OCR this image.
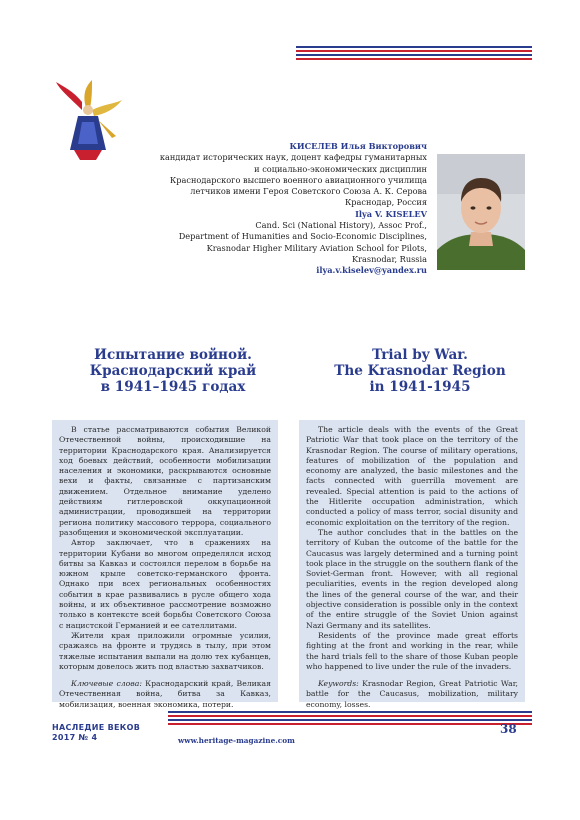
КИСЕЛЕВ Илья Викторович
кандидат исторических наук, доцент кафедры гуманитарных
и социально-экономических дисциплин
Краснодарского высшего военного авиационного училища
летчиков имени Героя Советского Союза А. К. Серова
Краснодар, Россия
Ilya V. KISELEV
Cand. Sci (National History), Assoc Prof.,
Department of Humanities and Socio-Economic Disciplines,
Krasnodar Higher Military Aviation School for Pilots,
Krasnodar, Russia
ilya.v.kiselev@yandex.ru
Испытание войной.
Краснодарский край
в 1941–1945 годах
Trial by War.
The Krasnodar Region
in 1941-1945

В статье рассматриваются события Великой Отечественной войны, происходившие на территории Краснодарского края. Анализируется ход боевых действий, особенности мобилизации населения и экономики, раскрываются основные вехи и факты, связанные с партизанским движением. Отдельное внимание уделено действиям гитлеровской оккупационной администрации, проводившей на территории региона политику массового террора, социального разобщения и экономической эксплуатации.

Автор заключает, что в сражениях на территории Кубани во многом определялся исход битвы за Кавказ и состоялся перелом в борьбе на южном крыле советско-германского фронта. Однако при всех региональных особенностях события в крае развивались в русле общего хода войны, и их объективное рассмотрение возможно только в контексте всей борьбы Советского Союза с нацистской Германией и ее сателлитами.

Жители края приложили огромные усилия, сражаясь на фронте и трудясь в тылу, при этом тяжелые испытания выпали на долю тех кубанцев, которым довелось жить под властью захватчиков.

Ключевые слова: Краснодарский край, Великая Отечественная война, битва за Кавказ, мобилизация, военная экономика, потери.

The article deals with the events of the Great Patriotic War that took place on the territory of the Krasnodar Region. The course of military operations, features of mobilization of the population and economy are analyzed, the basic milestones and the facts connected with guerrilla movement are revealed. Special attention is paid to the actions of the Hitlerite occupation administration, which conducted a policy of mass terror, social disunity and economic exploitation on the territory of the region.

The author concludes that in the battles on the territory of Kuban the outcome of the battle for the Caucasus was largely determined and a turning point took place in the struggle on the southern flank of the Soviet-German front. However, with all regional peculiarities, events in the region developed along the lines of the general course of the war, and their objective consideration is possible only in the context of the entire struggle of the Soviet Union against Nazi Germany and its satellites.

Residents of the province made great efforts fighting at the front and working in the rear, while the hard trials fell to the share of those Kuban people who happened to live under the rule of the invaders.

Keywords: Krasnodar Region, Great Patriotic War, battle for the Caucasus, mobilization, military economy, losses.

НАСЛЕДИЕ ВЕКОВ
2017 № 4	www.heritage-magazine.com
38
